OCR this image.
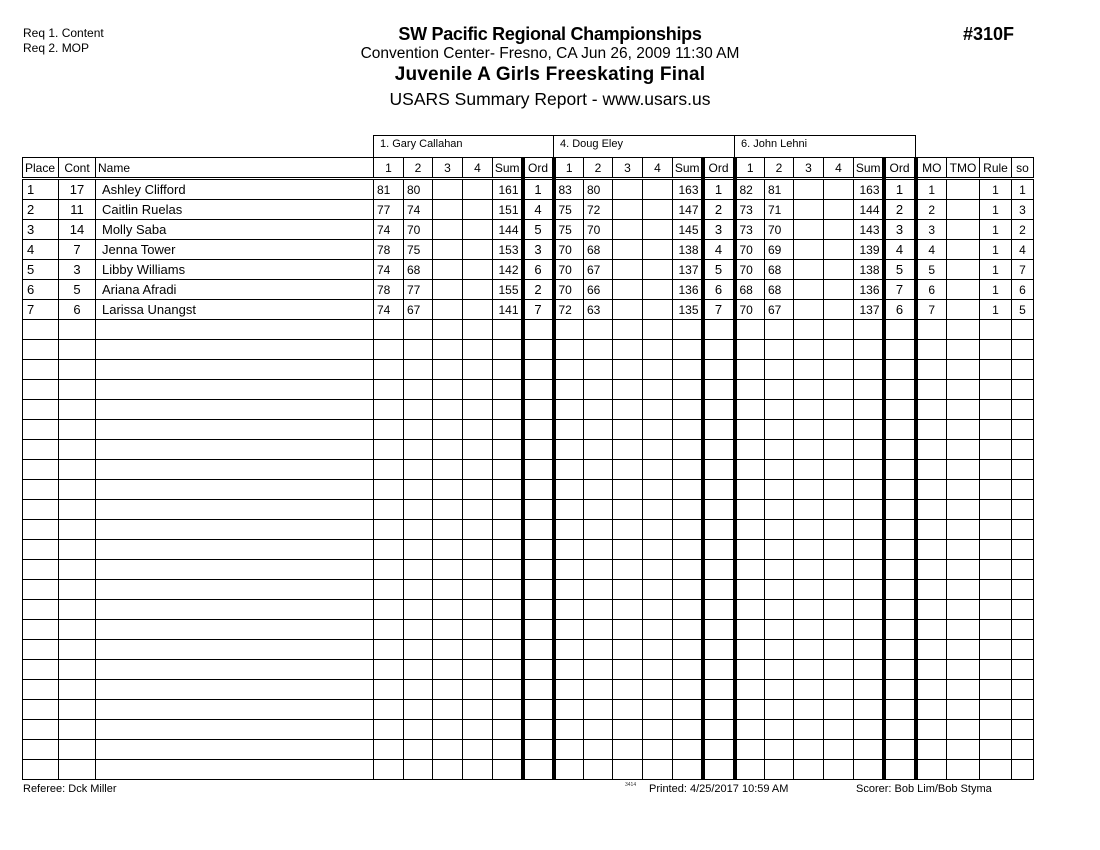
Req 1. Content
Req 2. MOP
SW Pacific Regional Championships
Convention Center- Fresno, CA Jun 26, 2009 11:30 AM
Juvenile A Girls Freeskating Final
USARS Summary Report - www.usars.us
#310F
1. Gary Callahan	4. Doug Eley	6. John Lehni
Place	Cont	Name	1	2	3	4	Sum	Ord	1	2	3	4	Sum	Ord	1	2	3	4	Sum	Ord	MO	TMO	Rule	so
1	17	Ashley Clifford	81	80			161	1	83	80			163	1	82	81			163	1	1		1	1
2	11	Caitlin Ruelas	77	74			151	4	75	72			147	2	73	71			144	2	2		1	3
3	14	Molly Saba	74	70			144	5	75	70			145	3	73	70			143	3	3		1	2
4	7	Jenna Tower	78	75			153	3	70	68			138	4	70	69			139	4	4		1	4
5	3	Libby Williams	74	68			142	6	70	67			137	5	70	68			138	5	5		1	7
6	5	Ariana Afradi	78	77			155	2	70	66			136	6	68	68			136	7	6		1	6
7	6	Larissa Unangst	74	67			141	7	72	63			135	7	70	67			137	6	7		1	5

Referee: Dck Miller	3414 Printed: 4/25/2017 10:59 AM	Scorer: Bob Lim/Bob Styma
